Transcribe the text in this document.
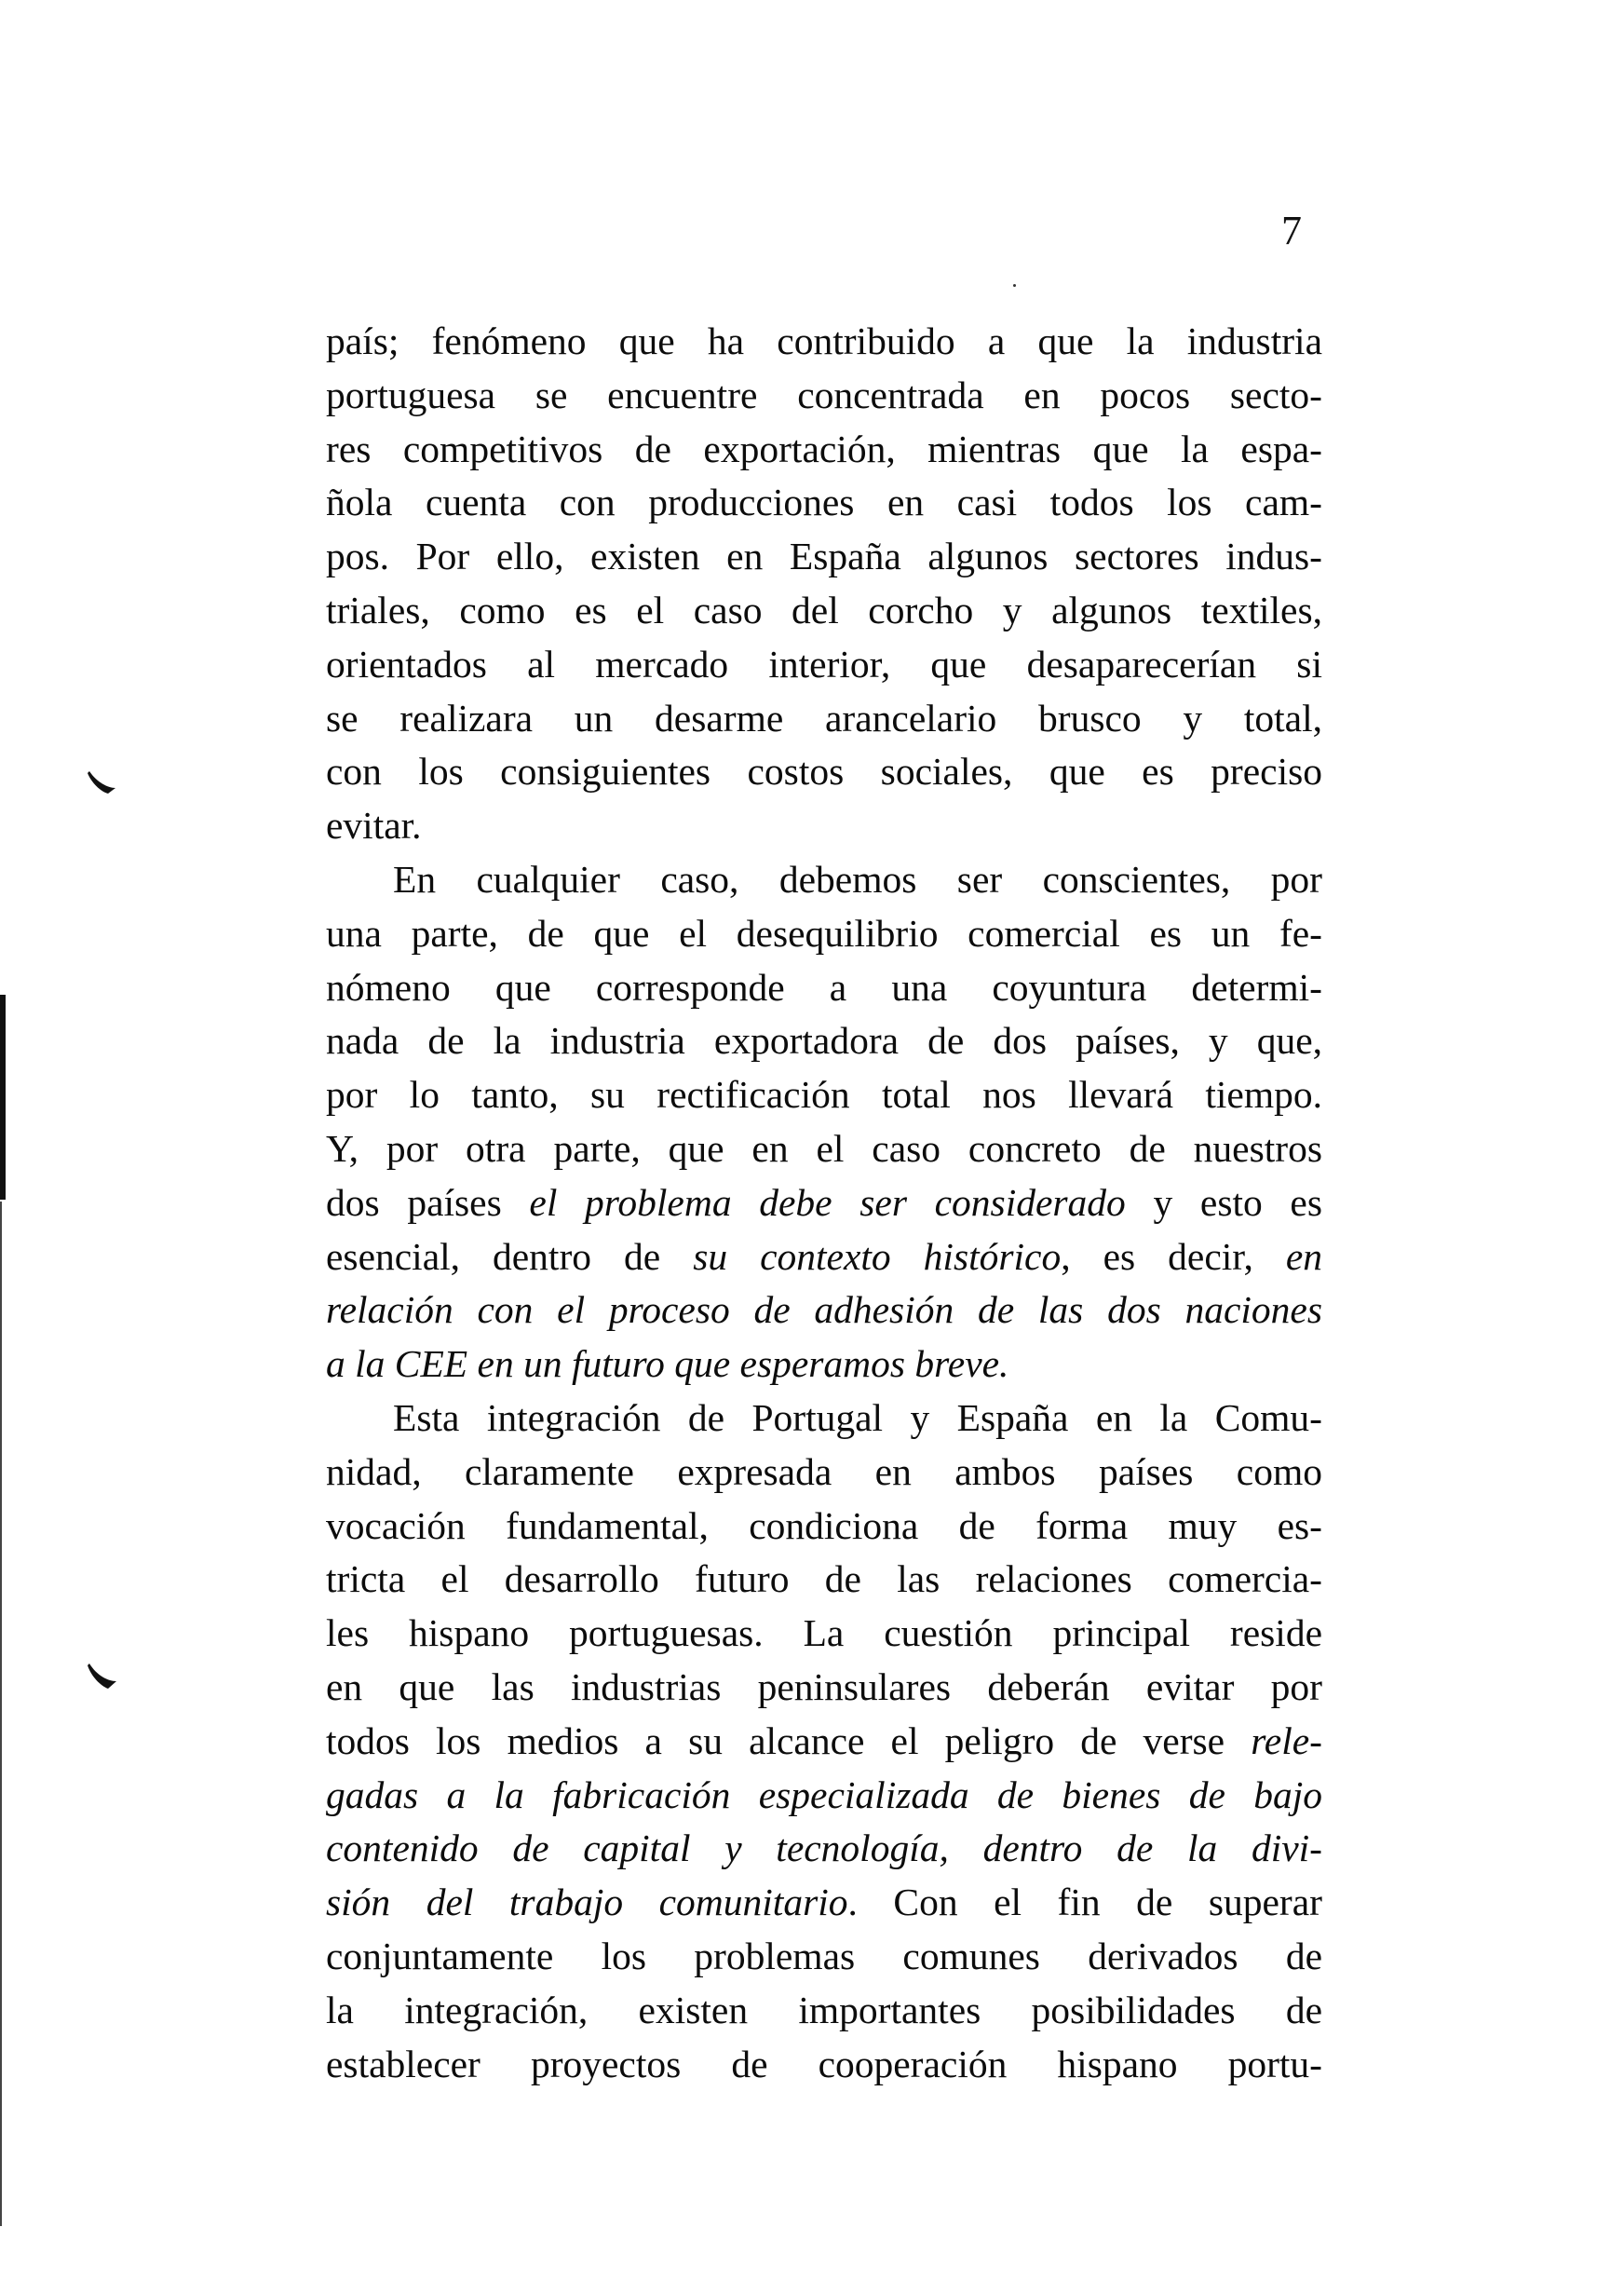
7
país; fenómeno que ha contribuido a que la industria
portuguesa se encuentre concentrada en pocos secto-
res competitivos de exportación, mientras que la espa-
ñola cuenta con producciones en casi todos los cam-
pos. Por ello, existen en España algunos sectores indus-
triales, como es el caso del corcho y algunos textiles,
orientados al mercado interior, que desaparecerían si
se realizara un desarme arancelario brusco y total,
con los consiguientes costos sociales, que es preciso
evitar.
En cualquier caso, debemos ser conscientes, por
una parte, de que el desequilibrio comercial es un fe-
nómeno que corresponde a una coyuntura determi-
nada de la industria exportadora de dos países, y que,
por lo tanto, su rectificación total nos llevará tiempo.
Y, por otra parte, que en el caso concreto de nuestros
dos países el problema debe ser considerado y esto es
esencial, dentro de su contexto histórico, es decir, en
relación con el proceso de adhesión de las dos naciones
a la CEE en un futuro que esperamos breve.
Esta integración de Portugal y España en la Comu-
nidad, claramente expresada en ambos países como
vocación fundamental, condiciona de forma muy es-
tricta el desarrollo futuro de las relaciones comercia-
les hispano portuguesas. La cuestión principal reside
en que las industrias peninsulares deberán evitar por
todos los medios a su alcance el peligro de verse rele-
gadas a la fabricación especializada de bienes de bajo
contenido de capital y tecnología, dentro de la divi-
sión del trabajo comunitario. Con el fin de superar
conjuntamente los problemas comunes derivados de
la integración, existen importantes posibilidades de
establecer proyectos de cooperación hispano portu-
